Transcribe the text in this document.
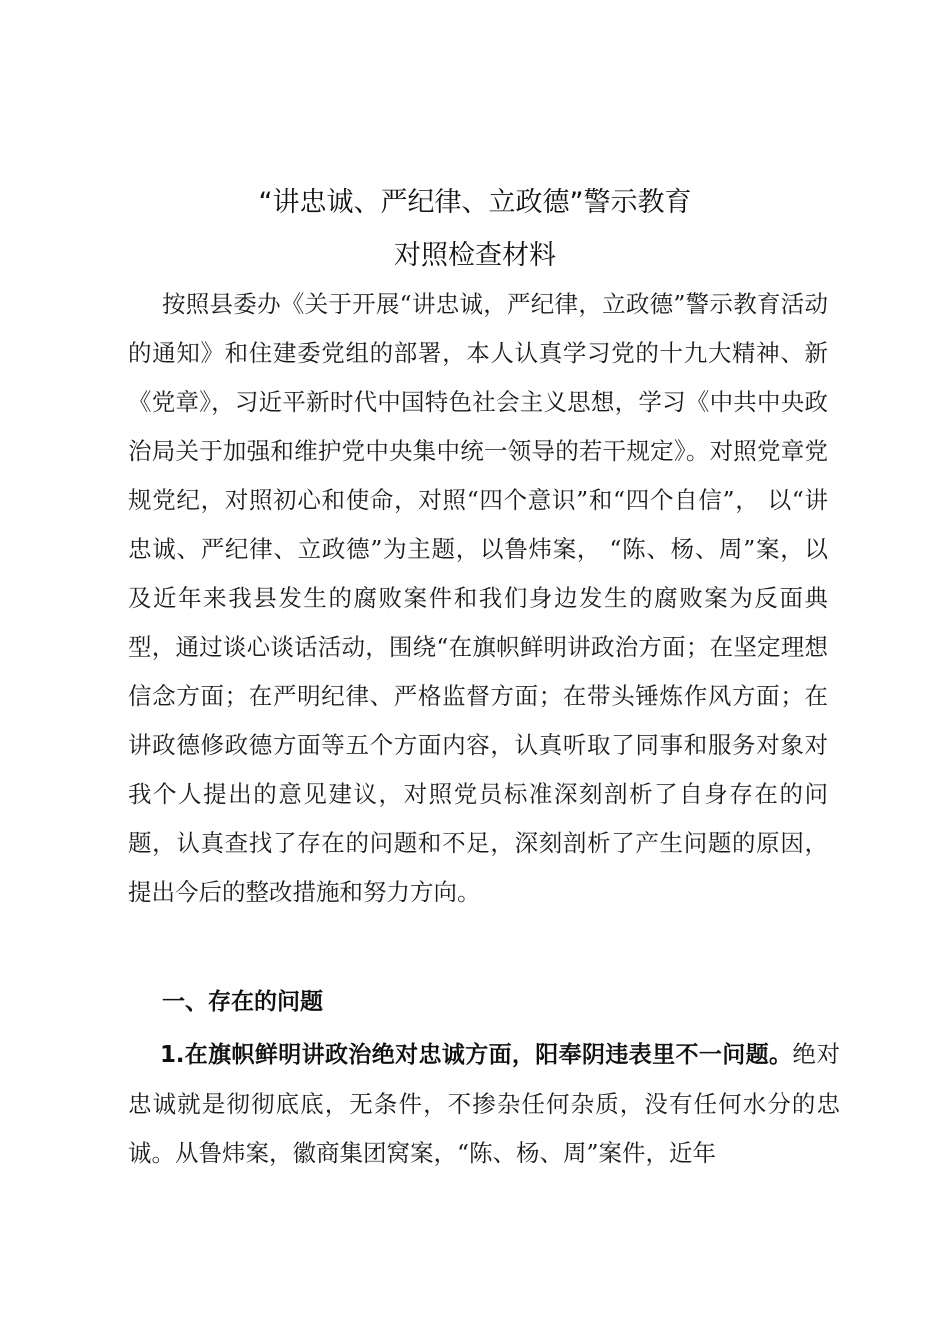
“讲忠诚、严纪律、立政德”警示教育
对照检查材料

按照县委办《关于开展“讲忠诚，严纪律，立政德”警示教育活动的通知》和住建委党组的部署，本人认真学习党的十九大精神、新《党章》，习近平新时代中国特色社会主义思想，学习《中共中央政治局关于加强和维护党中央集中统一领导的若干规定》。对照党章党规党纪，对照初心和使命，对照“四个意识”和“四个自信”， 以“讲忠诚、严纪律、立政德”为主题，以鲁炜案， “陈、杨、周”案，以及近年来我县发生的腐败案件和我们身边发生的腐败案为反面典型，通过谈心谈话活动，围绕“在旗帜鲜明讲政治方面；在坚定理想信念方面；在严明纪律、严格监督方面；在带头锤炼作风方面；在讲政德修政德方面等五个方面内容，认真听取了同事和服务对象对我个人提出的意见建议，对照党员标准深刻剖析了自身存在的问题，认真查找了存在的问题和不足，深刻剖析了产生问题的原因，提出今后的整改措施和努力方向。

一、存在的问题

1.在旗帜鲜明讲政治绝对忠诚方面，阳奉阴违表里不一问题。绝对忠诚就是彻彻底底，无条件，不掺杂任何杂质，没有任何水分的忠诚。从鲁炜案，徽商集团窝案，“陈、杨、周”案件，近年
